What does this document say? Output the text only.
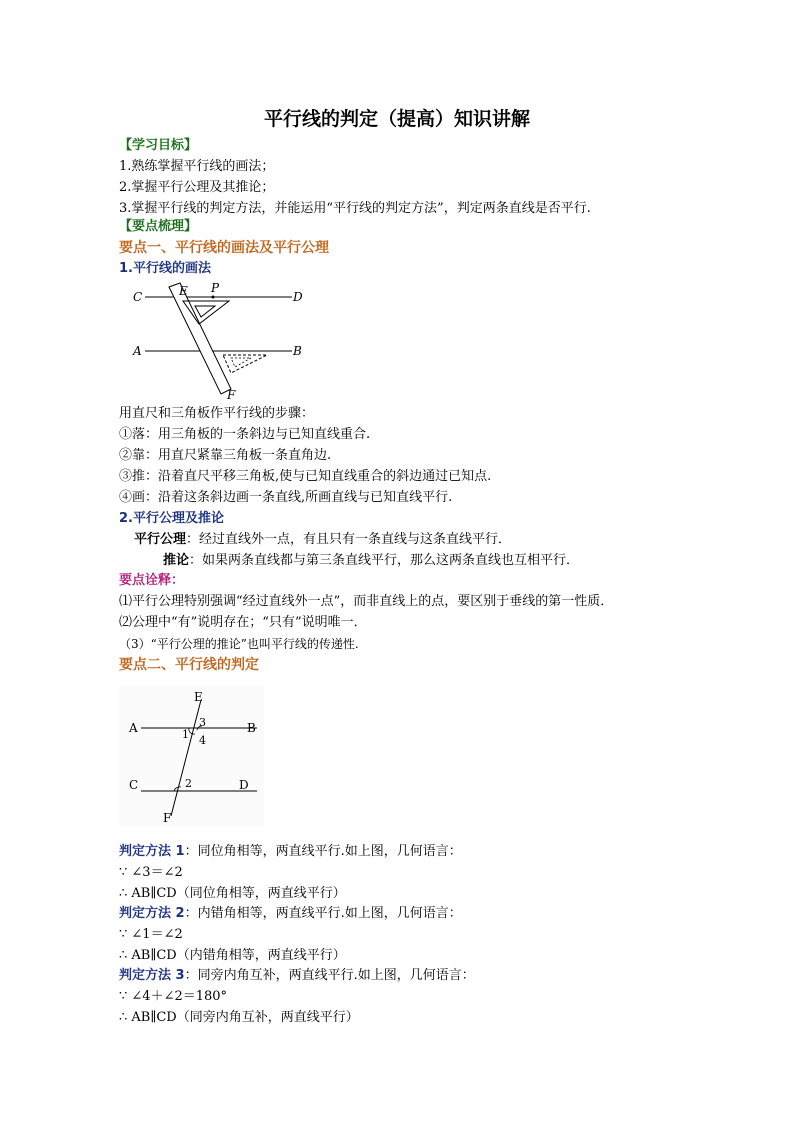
平行线的判定（提高）知识讲解
【学习目标】
1.熟练掌握平行线的画法；
2.掌握平行公理及其推论；
3.掌握平行线的判定方法，并能运用“平行线的判定方法”，判定两条直线是否平行.
【要点梳理】
要点一、平行线的画法及平行公理
1.平行线的画法
C	E P
D
A	B
F
用直尺和三角板作平行线的步骤：
①落：用三角板的一条斜边与已知直线重合.
②靠：用直尺紧靠三角板一条直角边.
③推：沿着直尺平移三角板,使与已知直线重合的斜边通过已知点.
④画：沿着这条斜边画一条直线,所画直线与已知直线平行.
2.平行公理及推论
平行公理：经过直线外一点，有且只有一条直线与这条直线平行．
推论：如果两条直线都与第三条直线平行，那么这两条直线也互相平行．
要点诠释：
⑴平行公理特别强调“经过直线外一点”，而非直线上的点，要区别于垂线的第一性质．
⑵公理中“有”说明存在；“只有”说明唯一．
（3）“平行公理的推论”也叫平行线的传递性.
要点二、平行线的判定
E
A	B
1
3
4
C	2	D
F
判定方法 1：同位角相等，两直线平行.如上图，几何语言：
∵ ∠3＝∠2
∴ AB∥CD（同位角相等，两直线平行）
判定方法 2：内错角相等，两直线平行.如上图，几何语言：
∵ ∠1＝∠2
∴ AB∥CD（内错角相等，两直线平行）
判定方法 3：同旁内角互补，两直线平行.如上图，几何语言：
∵ ∠4＋∠2＝180°
∴ AB∥CD（同旁内角互补，两直线平行）
